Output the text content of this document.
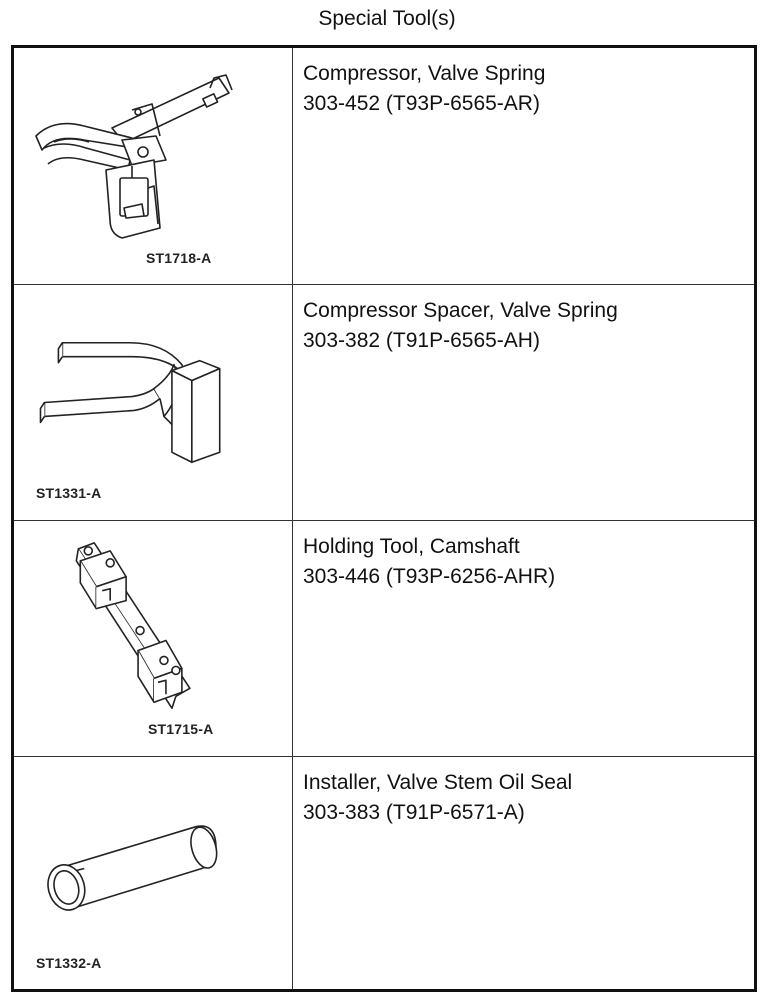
Special Tool(s)
ST1718-A
Compressor, Valve Spring
303-452 (T93P-6565-AR)
ST1331-A
Compressor Spacer, Valve Spring
303-382 (T91P-6565-AH)
ST1715-A
Holding Tool, Camshaft
303-446 (T93P-6256-AHR)
ST1332-A
Installer, Valve Stem Oil Seal
303-383 (T91P-6571-A)
